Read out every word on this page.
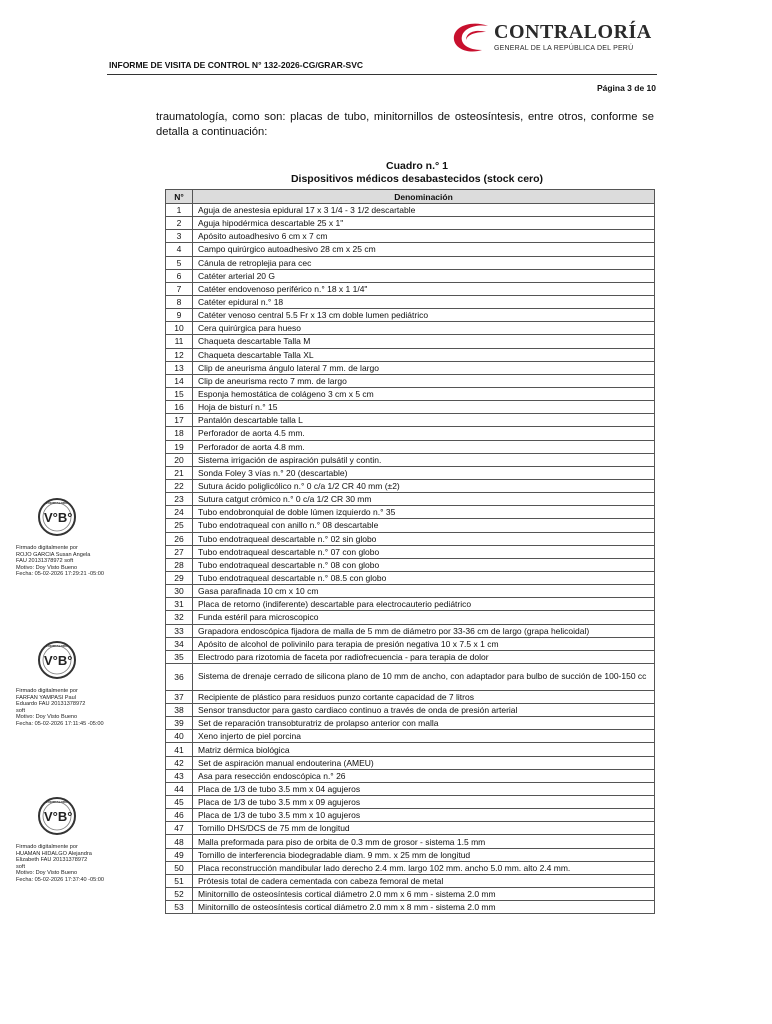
CONTRALORÍA
GENERAL DE LA REPÚBLICA DEL PERÚ
INFORME DE VISITA DE CONTROL N° 132-2026-CG/GRAR-SVC
Página 3 de 10
traumatología, como son: placas de tubo, minitornillos de osteosíntesis, entre otros, conforme se detalla a continuación:
Cuadro n.° 1
Dispositivos médicos desabastecidos (stock cero)
N°	Denominación
1	Aguja de anestesia epidural 17 x 3 1/4 - 3 1/2 descartable
2	Aguja hipodérmica descartable 25 x 1"
3	Apósito autoadhesivo 6 cm x 7 cm
4	Campo quirúrgico autoadhesivo 28 cm x 25 cm
5	Cánula de retroplejia para cec
6	Catéter arterial 20 G
7	Catéter endovenoso periférico n.° 18 x 1 1/4"
8	Catéter epidural n.° 18
9	Catéter venoso central 5.5 Fr x 13 cm doble lumen pediátrico
10	Cera quirúrgica para hueso
11	Chaqueta descartable Talla M
12	Chaqueta descartable Talla XL
13	Clip de aneurisma ángulo lateral 7 mm. de largo
14	Clip de aneurisma recto 7 mm. de largo
15	Esponja hemostática de colágeno 3 cm x 5 cm
16	Hoja de bisturí n.° 15
17	Pantalón descartable talla L
18	Perforador de aorta 4.5 mm.
19	Perforador de aorta 4.8 mm.
20	Sistema irrigación de aspiración pulsátil y contin.
21	Sonda Foley 3 vías n.° 20 (descartable)
22	Sutura ácido poliglicólico n.° 0 c/a 1/2 CR 40 mm (±2)
23	Sutura catgut crómico n.° 0 c/a 1/2 CR 30 mm
24	Tubo endobronquial de doble lúmen izquierdo n.° 35
25	Tubo endotraqueal con anillo n.° 08 descartable
26	Tubo endotraqueal descartable n.° 02 sin globo
27	Tubo endotraqueal descartable n.° 07 con globo
28	Tubo endotraqueal descartable n.° 08 con globo
29	Tubo endotraqueal descartable n.° 08.5 con globo
30	Gasa parafinada 10 cm x 10 cm
31	Placa de retorno (indiferente) descartable para electrocauterio pediátrico
32	Funda estéril para microscopico
33	Grapadora endoscópica fijadora de malla de 5 mm de diámetro por 33-36 cm de largo (grapa helicoidal)
34	Apósito de alcohol de polivinilo para terapia de presión negativa 10 x 7.5 x 1 cm
35	Electrodo para rizotomia de faceta por radiofrecuencia - para terapia de dolor
36	Sistema de drenaje cerrado de silicona plano de 10 mm de ancho, con adaptador para bulbo de succión de 100-150 cc
37	Recipiente de plástico para residuos punzo cortante capacidad de 7 litros
38	Sensor transductor para gasto cardiaco continuo a través de onda de presión arterial
39	Set de reparación transobturatriz de prolapso anterior con malla
40	Xeno injerto de piel porcina
41	Matriz dérmica biológica
42	Set de aspiración manual endouterina (AMEU)
43	Asa para resección endoscópica n.° 26
44	Placa de 1/3 de tubo 3.5 mm x 04 agujeros
45	Placa de 1/3 de tubo 3.5 mm x 09 agujeros
46	Placa de 1/3 de tubo 3.5 mm x 10 agujeros
47	Tornillo DHS/DCS de 75 mm de longitud
48	Malla preformada para piso de orbita de 0.3 mm de grosor - sistema 1.5 mm
49	Tornillo de interferencia biodegradable diam. 9 mm. x 25 mm de longitud
50	Placa reconstrucción mandibular lado derecho 2.4 mm. largo 102 mm. ancho 5.0 mm. alto 2.4 mm.
51	Prótesis total de cadera cementada con cabeza femoral de metal
52	Minitornillo de osteosíntesis cortical diámetro 2.0 mm x 6 mm - sistema 2.0 mm
53	Minitornillo de osteosíntesis cortical diámetro 2.0 mm x 8 mm - sistema 2.0 mm
CONTRALORÍA
V°B°
Firmado digitalmente por
ROJO GARCIA Susan Angela
FAU 20131378972 soft
Motivo: Doy Visto Bueno
Fecha: 05-02-2026 17:29:21 -05:00
CONTRALORÍA
V°B°
Firmado digitalmente por
FARFAN YAMPASI Paul
Eduardo FAU 20131378972
soft
Motivo: Doy Visto Bueno
Fecha: 05-02-2026 17:11:45 -05:00
CONTRALORÍA
V°B°
Firmado digitalmente por
HUAMAN HIDALGO Alejandra
Elizabeth FAU 20131378972
soft
Motivo: Doy Visto Bueno
Fecha: 05-02-2026 17:37:40 -05:00
